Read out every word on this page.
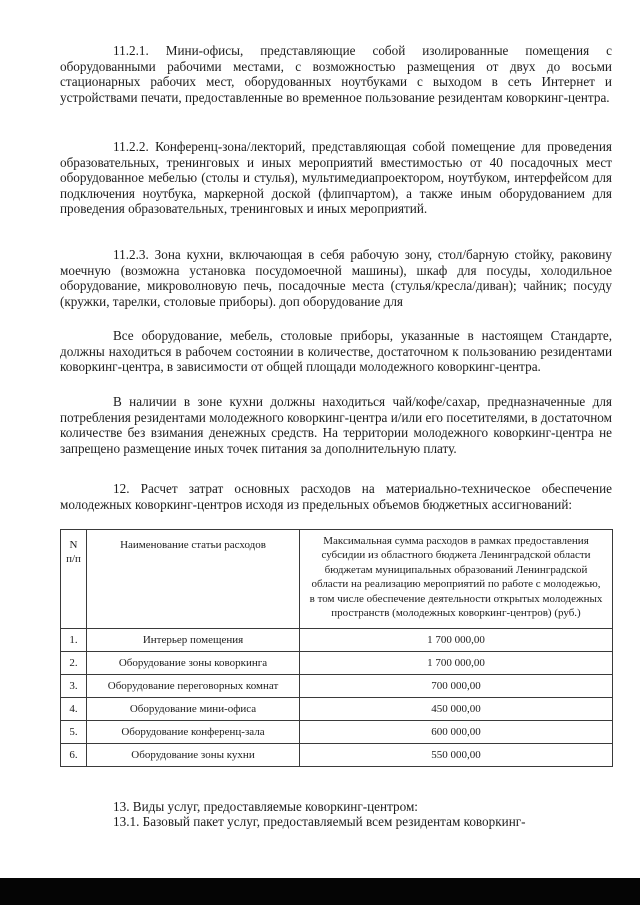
11.2.1. Мини-офисы, представляющие собой изолированные помещения с оборудованными рабочими местами, с возможностью размещения от двух до восьми стационарных рабочих мест, оборудованных ноутбуками с выходом в сеть Интернет и устройствами печати, предоставленные во временное пользование резидентам коворкинг-центра.

11.2.2. Конференц-зона/лекторий, представляющая собой помещение для проведения образовательных, тренинговых и иных мероприятий вместимостью от 40 посадочных мест оборудованное мебелью (столы и стулья), мультимедиапроектором, ноутбуком, интерфейсом для подключения ноутбука, маркерной доской (флипчартом), а также иным оборудованием для проведения образовательных, тренинговых и иных мероприятий.

11.2.3. Зона кухни, включающая в себя рабочую зону, стол/барную стойку, раковину моечную (возможна установка посудомоечной машины), шкаф для посуды, холодильное оборудование, микроволновую печь, посадочные места (стулья/кресла/диван); чайник; посуду (кружки, тарелки, столовые приборы). доп оборудование для

Все оборудование, мебель, столовые приборы, указанные в настоящем Стандарте, должны находиться в рабочем состоянии в количестве, достаточном к пользованию резидентами коворкинг-центра, в зависимости от общей площади молодежного коворкинг-центра.

В наличии в зоне кухни должны находиться чай/кофе/сахар, предназначенные для потребления резидентами молодежного коворкинг-центра и/или его посетителями, в достаточном количестве без взимания денежных средств. На территории молодежного коворкинг-центра не запрещено размещение иных точек питания за дополнительную плату.

12. Расчет затрат основных расходов на материально-техническое обеспечение молодежных коворкинг-центров исходя из предельных объемов бюджетных ассигнований:

N п/п	Наименование статьи расходов	Максимальная сумма расходов в рамках предоставления субсидии из областного бюджета Ленинградской области бюджетам муниципальных образований Ленинградской области на реализацию мероприятий по работе с молодежью, в том числе обеспечение деятельности открытых молодежных пространств (молодежных коворкинг-центров) (руб.)
1.	Интерьер помещения	1 700 000,00
2.	Оборудование зоны коворкинга	1 700 000,00
3.	Оборудование переговорных комнат	700 000,00
4.	Оборудование мини-офиса	450 000,00
5.	Оборудование конференц-зала	600 000,00
6.	Оборудование зоны кухни	550 000,00

13. Виды услуг, предоставляемые коворкинг-центром:

13.1. Базовый пакет услуг, предоставляемый всем резидентам коворкинг-
